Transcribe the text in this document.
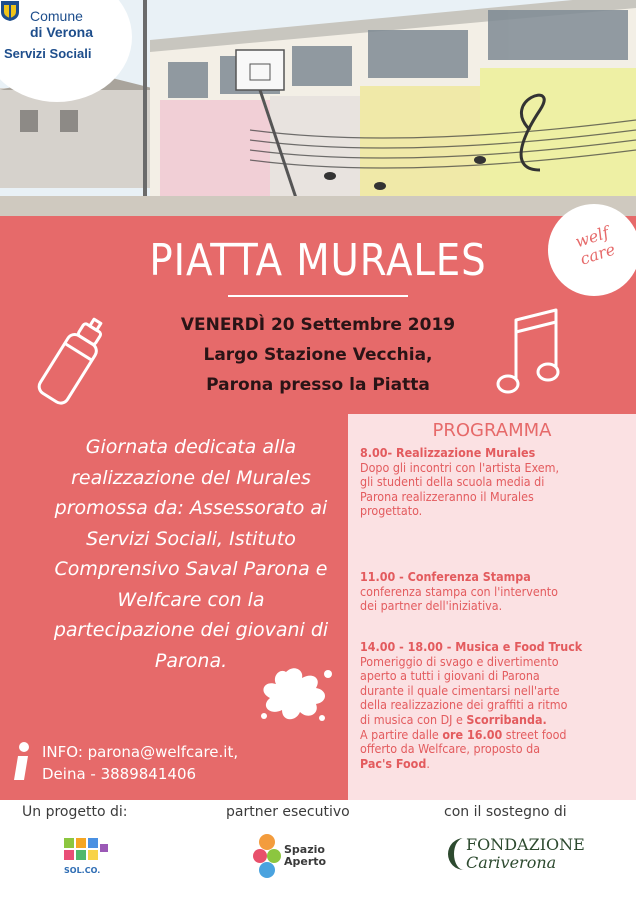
Comune
di Verona
Servizi Sociali
welf care
PIATTA MURALES
VENERDÌ 20 Settembre 2019
Largo Stazione Vecchia,
Parona presso la Piatta
Giornata dedicata alla
realizzazione del Murales
promossa da: Assessorato ai
Servizi Sociali, Istituto
Comprensivo Saval Parona e
Welfcare con la
partecipazione dei giovani di
Parona.
INFO: parona@welfcare.it,
Deina - 3889841406
PROGRAMMA
8.00- Realizzazione Murales
Dopo gli incontri con l'artista Exem,
gli studenti della scuola media di
Parona realizzeranno il Murales
progettato.
11.00 - Conferenza Stampa
conferenza stampa con l'intervento
dei partner dell'iniziativa.
14.00 - 18.00 - Musica e Food Truck
Pomeriggio di svago e divertimento
aperto a tutti i giovani di Parona
durante il quale cimentarsi nell'arte
della realizzazione dei graffiti a ritmo
di musica con DJ e Scorribanda.
A partire dalle ore 16.00 street food
offerto da Welfcare, proposto da
Pac's Food.
Un progetto di:	partner esecutivo	con il sostegno di
SOL.CO.
Spazio Aperto
FONDAZIONE
Cariverona
